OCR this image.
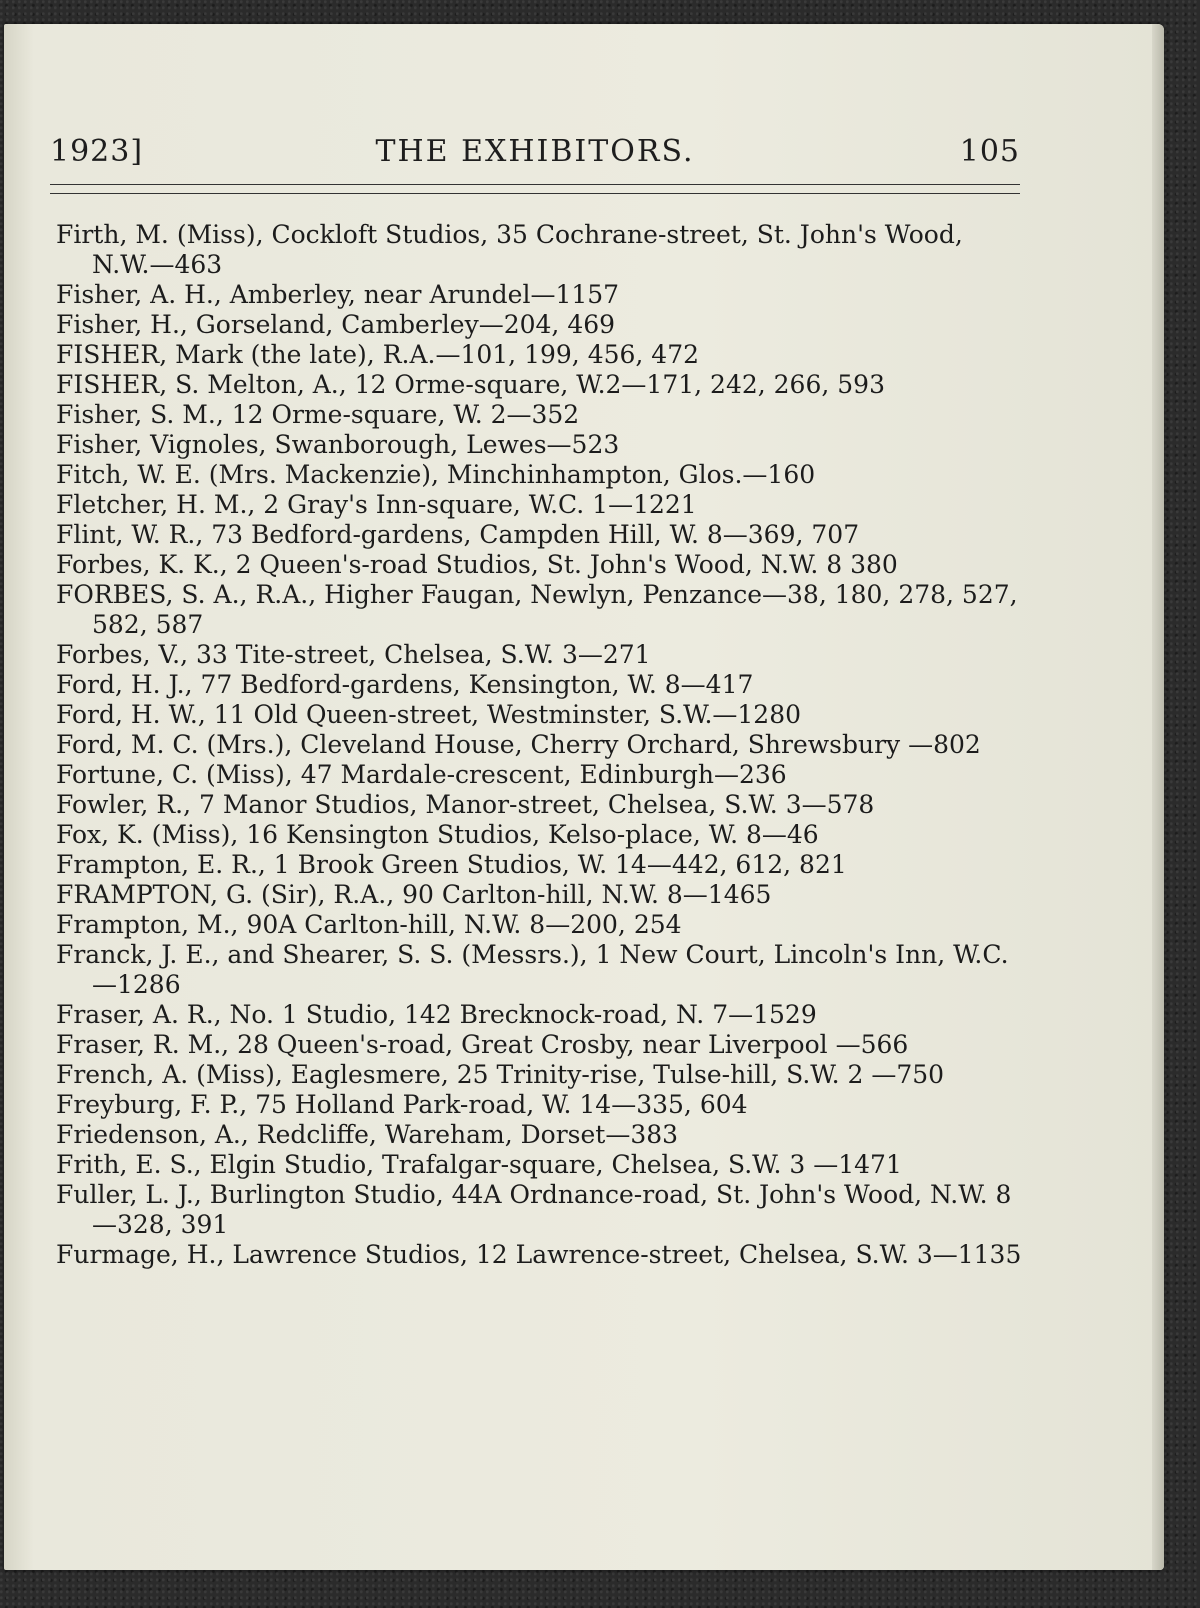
1923]	THE EXHIBITORS.	105

Firth, M. (Miss), Cockloft Studios, 35 Cochrane-street, St. John's Wood, N.W.—463

Fisher, A. H., Amberley, near Arundel—1157

Fisher, H., Gorseland, Camberley—204, 469

FISHER, Mark (the late), R.A.—101, 199, 456, 472

FISHER, S. Melton, A., 12 Orme-square, W.2—171, 242, 266, 593

Fisher, S. M., 12 Orme-square, W. 2—352

Fisher, Vignoles, Swanborough, Lewes—523

Fitch, W. E. (Mrs. Mackenzie), Minchinhampton, Glos.—160

Fletcher, H. M., 2 Gray's Inn-square, W.C. 1—1221

Flint, W. R., 73 Bedford-gardens, Campden Hill, W. 8—369, 707

Forbes, K. K., 2 Queen's-road Studios, St. John's Wood, N.W. 8 380

FORBES, S. A., R.A., Higher Faugan, Newlyn, Penzance—38, 180, 278, 527, 582, 587

Forbes, V., 33 Tite-street, Chelsea, S.W. 3—271

Ford, H. J., 77 Bedford-gardens, Kensington, W. 8—417

Ford, H. W., 11 Old Queen-street, Westminster, S.W.—1280

Ford, M. C. (Mrs.), Cleveland House, Cherry Orchard, Shrewsbury —802

Fortune, C. (Miss), 47 Mardale-crescent, Edinburgh—236

Fowler, R., 7 Manor Studios, Manor-street, Chelsea, S.W. 3—578

Fox, K. (Miss), 16 Kensington Studios, Kelso-place, W. 8—46

Frampton, E. R., 1 Brook Green Studios, W. 14—442, 612, 821

FRAMPTON, G. (Sir), R.A., 90 Carlton-hill, N.W. 8—1465

Frampton, M., 90A Carlton-hill, N.W. 8—200, 254

Franck, J. E., and Shearer, S. S. (Messrs.), 1 New Court, Lincoln's Inn, W.C.—1286

Fraser, A. R., No. 1 Studio, 142 Brecknock-road, N. 7—1529

Fraser, R. M., 28 Queen's-road, Great Crosby, near Liverpool —566

French, A. (Miss), Eaglesmere, 25 Trinity-rise, Tulse-hill, S.W. 2 —750

Freyburg, F. P., 75 Holland Park-road, W. 14—335, 604

Friedenson, A., Redcliffe, Wareham, Dorset—383

Frith, E. S., Elgin Studio, Trafalgar-square, Chelsea, S.W. 3 —1471

Fuller, L. J., Burlington Studio, 44A Ordnance-road, St. John's Wood, N.W. 8—328, 391

Furmage, H., Lawrence Studios, 12 Lawrence-street, Chelsea, S.W. 3—1135
